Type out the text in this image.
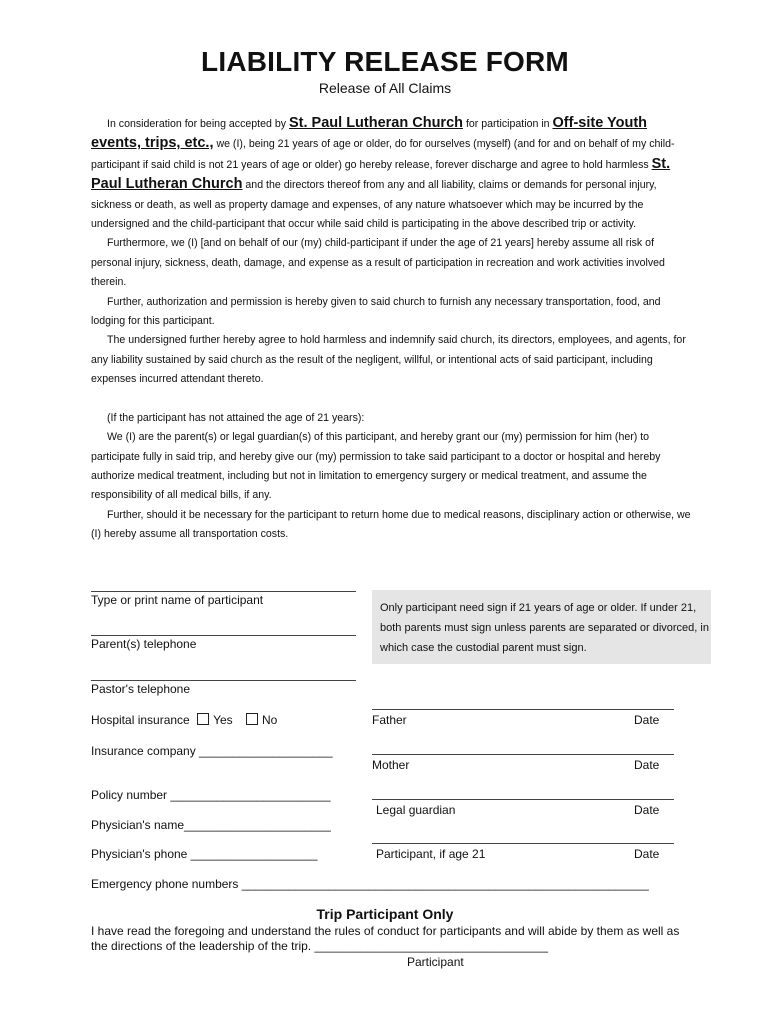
LIABILITY RELEASE FORM
Release of All Claims

In consideration for being accepted by St. Paul Lutheran Church for participation in Off-site Youth events, trips, etc., we (I), being 21 years of age or older, do for ourselves (myself) (and for and on behalf of my child-participant if said child is not 21 years of age or older) go hereby release, forever discharge and agree to hold harmless St. Paul Lutheran Church and the directors thereof from any and all liability, claims or demands for personal injury, sickness or death, as well as property damage and expenses, of any nature whatsoever which may be incurred by the undersigned and the child-participant that occur while said child is participating in the above described trip or activity.

Furthermore, we (I) [and on behalf of our (my) child-participant if under the age of 21 years] hereby assume all risk of personal injury, sickness, death, damage, and expense as a result of participation in recreation and work activities involved therein.

Further, authorization and permission is hereby given to said church to furnish any necessary transportation, food, and lodging for this participant.

The undersigned further hereby agree to hold harmless and indemnify said church, its directors, employees, and agents, for any liability sustained by said church as the result of the negligent, willful, or intentional acts of said participant, including expenses incurred attendant thereto.

(If the participant has not attained the age of 21 years):

We (I) are the parent(s) or legal guardian(s) of this participant, and hereby grant our (my) permission for him (her) to participate fully in said trip, and hereby give our (my) permission to take said participant to a doctor or hospital and hereby authorize medical treatment, including but not in limitation to emergency surgery or medical treatment, and assume the responsibility of all medical bills, if any.

Further, should it be necessary for the participant to return home due to medical reasons, disciplinary action or otherwise, we (I) hereby assume all transportation costs.

Type or print name of participant
Parent(s) telephone
Pastor's telephone
Hospital insurance Yes No
Insurance company ____________________
Policy number ________________________
Physician's name______________________
Physician's phone ___________________
Emergency phone numbers _____________________________________________________________
Only participant need sign if 21 years of age or older. If under 21, both parents must sign unless parents are separated or divorced, in which case the custodial parent must sign.
Father	Date
Mother	Date
Legal guardian	Date
Participant, if age 21	Date
Trip Participant Only
I have read the foregoing and understand the rules of conduct for participants and will abide by them as well as the directions of the leadership of the trip. ___________________________________
Participant
